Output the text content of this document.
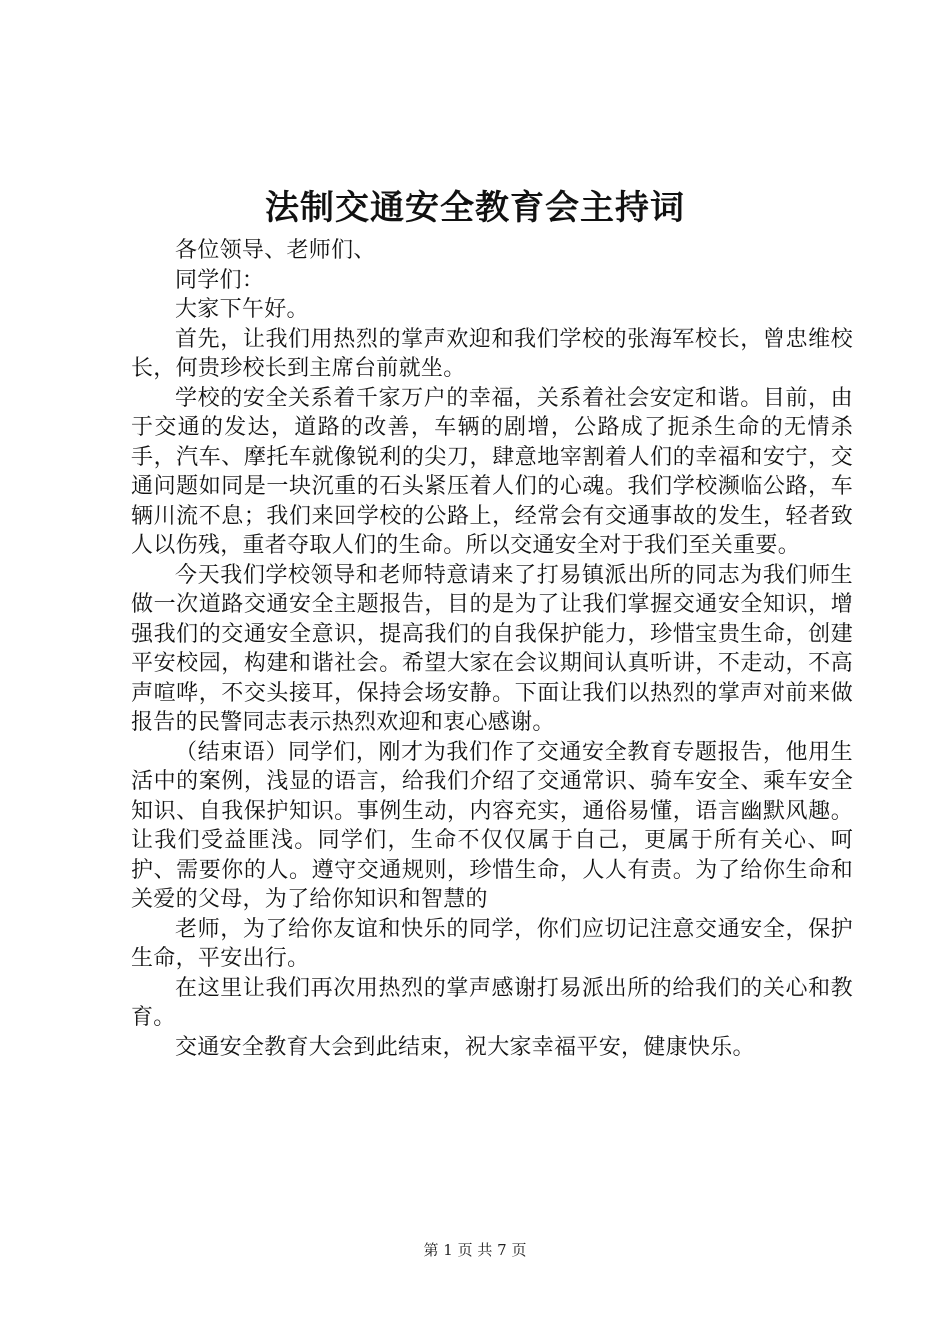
法制交通安全教育会主持词

各位领导、老师们、

同学们：

大家下午好。

首先，让我们用热烈的掌声欢迎和我们学校的张海军校长，曾忠维校长，何贵珍校长到主席台前就坐。

学校的安全关系着千家万户的幸福，关系着社会安定和谐。目前，由于交通的发达，道路的改善，车辆的剧增，公路成了扼杀生命的无情杀手，汽车、摩托车就像锐利的尖刀，肆意地宰割着人们的幸福和安宁，交通问题如同是一块沉重的石头紧压着人们的心魂。我们学校濒临公路，车辆川流不息；我们来回学校的公路上，经常会有交通事故的发生，轻者致人以伤残，重者夺取人们的生命。所以交通安全对于我们至关重要。

今天我们学校领导和老师特意请来了打易镇派出所的同志为我们师生做一次道路交通安全主题报告，目的是为了让我们掌握交通安全知识，增强我们的交通安全意识，提高我们的自我保护能力，珍惜宝贵生命，创建平安校园，构建和谐社会。希望大家在会议期间认真听讲，不走动，不高声喧哗，不交头接耳，保持会场安静。下面让我们以热烈的掌声对前来做报告的民警同志表示热烈欢迎和衷心感谢。

（结束语）同学们，刚才为我们作了交通安全教育专题报告，他用生活中的案例，浅显的语言，给我们介绍了交通常识、骑车安全、乘车安全知识、自我保护知识。事例生动，内容充实，通俗易懂，语言幽默风趣。让我们受益匪浅。同学们，生命不仅仅属于自己，更属于所有关心、呵护、需要你的人。遵守交通规则，珍惜生命，人人有责。为了给你生命和关爱的父母，为了给你知识和智慧的

老师，为了给你友谊和快乐的同学，你们应切记注意交通安全，保护生命，平安出行。

在这里让我们再次用热烈的掌声感谢打易派出所的给我们的关心和教育。

交通安全教育大会到此结束，祝大家幸福平安，健康快乐。

第 1 页 共 7 页
